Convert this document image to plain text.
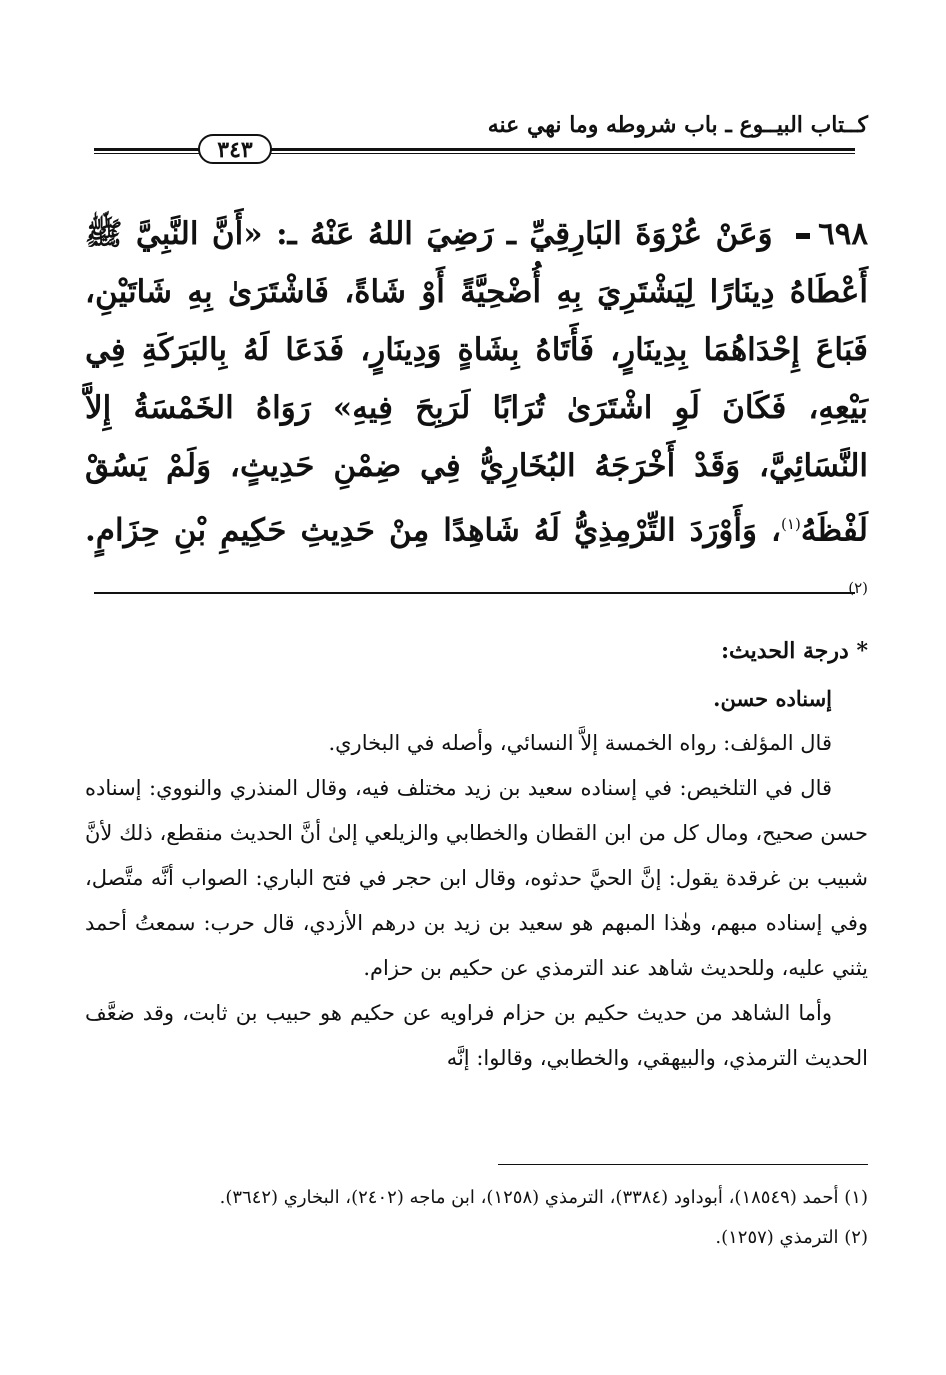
كــتاب البيــوع ـ باب شروطه وما نهي عنه
٣٤٣
٦٩٨ وَعَنْ عُرْوَةَ البَارِقِيِّ ـ رَضِيَ اللهُ عَنْهُ ـ: «أَنَّ النَّبِيَّ ﷺ أَعْطَاهُ دِينَارًا لِيَشْتَرِيَ بِهِ أُضْحِيَّةً أَوْ شَاةً، فَاشْتَرَىٰ بِهِ شَاتَيْنِ، فَبَاعَ إِحْدَاهُمَا بِدِينَارٍ، فَأَتَاهُ بِشَاةٍ وَدِينَارٍ، فَدَعَا لَهُ بِالبَرَكَةِ فِي بَيْعِهِ، فَكَانَ لَوِ اشْتَرَىٰ تُرَابًا لَرَبِحَ فِيهِ» رَوَاهُ الخَمْسَةُ إِلاَّ النَّسَائِيَّ، وَقَدْ أَخْرَجَهُ البُخَارِيُّ فِي ضِمْنِ حَدِيثٍ، وَلَمْ يَسُقْ لَفْظَهُ$^{(١)}$، وَأَوْرَدَ التِّرْمِذِيُّ لَهُ شَاهِدًا مِنْ حَدِيثِ حَكِيمِ بْنِ حِزَامٍ. $^{(٢)}$
* درجة الحديث:

إسناده حسن.

قال المؤلف: رواه الخمسة إلاَّ النسائي، وأصله في البخاري.

قال في التلخيص: في إسناده سعيد بن زيد مختلف فيه، وقال المنذري والنووي: إسناده حسن صحيح، ومال كل من ابن القطان والخطابي والزيلعي إلىٰ أنَّ الحديث منقطع، ذلك لأنَّ شبيب بن غرقدة يقول: إنَّ الحيَّ حدثوه، وقال ابن حجر في فتح الباري: الصواب أنَّه متَّصل، وفي إسناده مبهم، وهٰذا المبهم هو سعيد بن زيد بن درهم الأزدي، قال حرب: سمعتُ أحمد يثني عليه، وللحديث شاهد عند الترمذي عن حكيم بن حزام.

وأما الشاهد من حديث حكيم بن حزام فراويه عن حكيم هو حبيب بن ثابت، وقد ضعَّف الحديث الترمذي، والبيهقي، والخطابي، وقالوا: إنَّه

(١) أحمد (١٨٥٤٩)، أبوداود (٣٣٨٤)، الترمذي (١٢٥٨)، ابن ماجه (٢٤٠٢)، البخاري (٣٦٤٢).

(٢) الترمذي (١٢٥٧).
